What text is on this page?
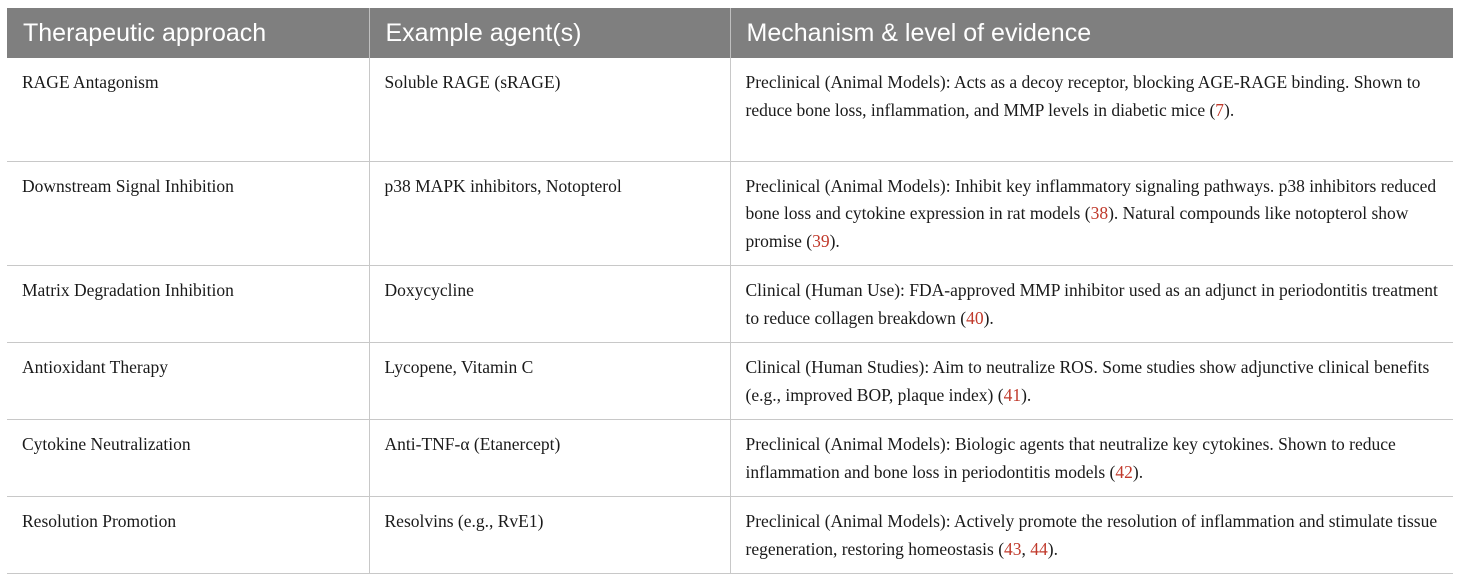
Therapeutic approach	Example agent(s)	Mechanism & level of evidence
RAGE Antagonism	Soluble RAGE (sRAGE)	Preclinical (Animal Models): Acts as a decoy receptor, blocking AGE-RAGE binding. Shown to reduce bone loss, inflammation, and MMP levels in diabetic mice (7).
Downstream Signal Inhibition	p38 MAPK inhibitors, Notopterol	Preclinical (Animal Models): Inhibit key inflammatory signaling pathways. p38 inhibitors reduced bone loss and cytokine expression in rat models (38). Natural compounds like notopterol show promise (39).
Matrix Degradation Inhibition	Doxycycline	Clinical (Human Use): FDA-approved MMP inhibitor used as an adjunct in periodontitis treatment to reduce collagen breakdown (40).
Antioxidant Therapy	Lycopene, Vitamin C	Clinical (Human Studies): Aim to neutralize ROS. Some studies show adjunctive clinical benefits (e.g., improved BOP, plaque index) (41).
Cytokine Neutralization	Anti-TNF-α (Etanercept)	Preclinical (Animal Models): Biologic agents that neutralize key cytokines. Shown to reduce inflammation and bone loss in periodontitis models (42).
Resolution Promotion	Resolvins (e.g., RvE1)	Preclinical (Animal Models): Actively promote the resolution of inflammation and stimulate tissue regeneration, restoring homeostasis (43, 44).
